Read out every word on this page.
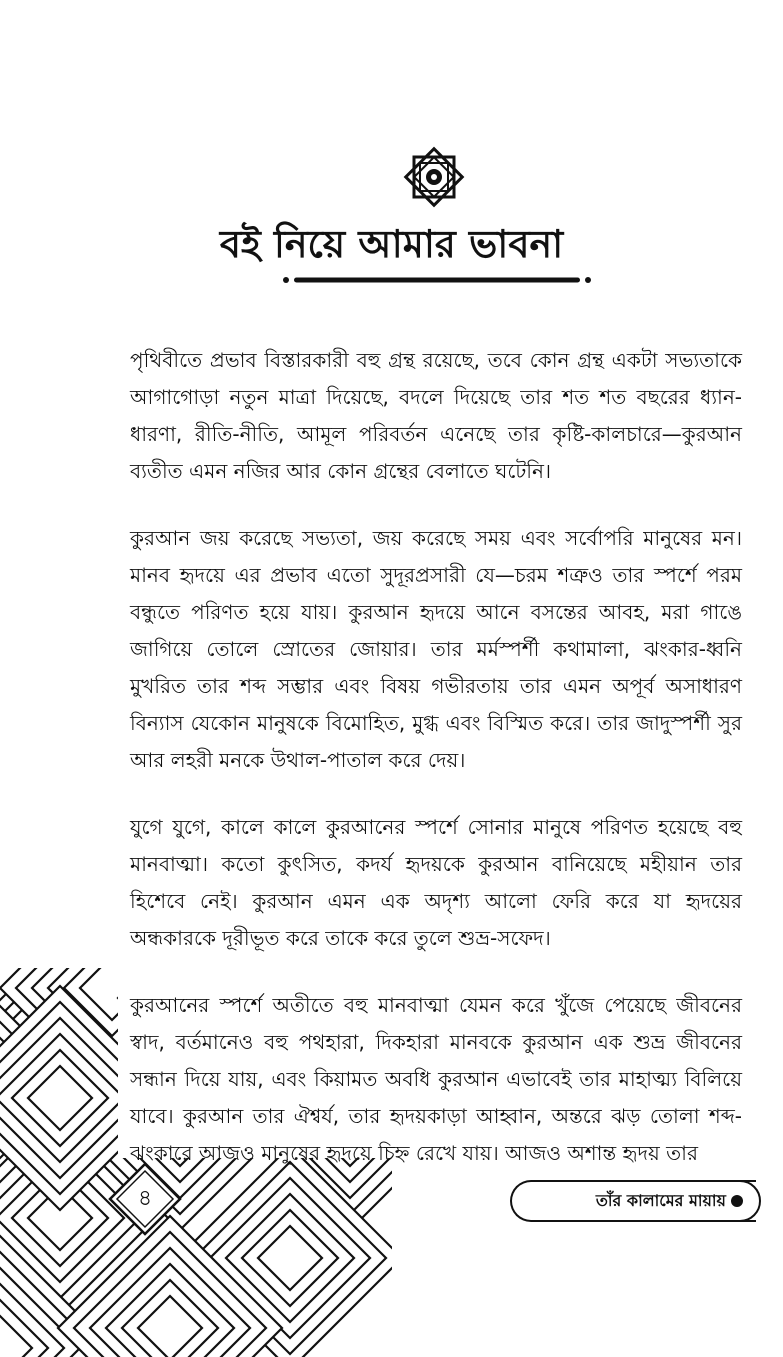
বই নিয়ে আমার ভাবনা

পৃথিবীতে প্রভাব বিস্তারকারী বহু গ্রন্থ রয়েছে, তবে কোন গ্রন্থ একটা সভ্যতাকে আগাগোড়া নতুন মাত্রা দিয়েছে, বদলে দিয়েছে তার শত শত বছরের ধ্যান-ধারণা, রীতি-নীতি, আমূল পরিবর্তন এনেছে তার কৃষ্টি-কালচারে—কুরআন ব্যতীত এমন নজির আর কোন গ্রন্থের বেলাতে ঘটেনি।

কুরআন জয় করেছে সভ্যতা, জয় করেছে সময় এবং সর্বোপরি মানুষের মন। মানব হৃদয়ে এর প্রভাব এতো সুদূরপ্রসারী যে—চরম শত্রুও তার স্পর্শে পরম বন্ধুতে পরিণত হয়ে যায়। কুরআন হৃদয়ে আনে বসন্তের আবহ, মরা গাঙে জাগিয়ে তোলে স্রোতের জোয়ার। তার মর্মস্পর্শী কথামালা, ঝংকার-ধ্বনি মুখরিত তার শব্দ সম্ভার এবং বিষয় গভীরতায় তার এমন অপূর্ব অসাধারণ বিন্যাস যেকোন মানুষকে বিমোহিত, মুগ্ধ এবং বিস্মিত করে। তার জাদুস্পর্শী সুর আর লহরী মনকে উথাল-পাতাল করে দেয়।

যুগে যুগে, কালে কালে কুরআনের স্পর্শে সোনার মানুষে পরিণত হয়েছে বহু মানবাত্মা। কতো কুৎসিত, কদর্য হৃদয়কে কুরআন বানিয়েছে মহীয়ান তার হিশেবে নেই। কুরআন এমন এক অদৃশ্য আলো ফেরি করে যা হৃদয়ের অন্ধকারকে দূরীভূত করে তাকে করে তুলে শুভ্র-সফেদ।

কুরআনের স্পর্শে অতীতে বহু মানবাত্মা যেমন করে খুঁজে পেয়েছে জীবনের স্বাদ, বর্তমানেও বহু পথহারা, দিকহারা মানবকে কুরআন এক শুভ্র জীবনের সন্ধান দিয়ে যায়, এবং কিয়ামত অবধি কুরআন এভাবেই তার মাহাত্ম্য বিলিয়ে যাবে। কুরআন তার ঐশ্বর্য, তার হৃদয়কাড়া আহ্বান, অন্তরে ঝড় তোলা শব্দ-ঝংকারে আজও মানুষের হৃদয়ে চিহ্ন রেখে যায়। আজও অশান্ত হৃদয় তার

৪	তাঁর কালামের মায়ায়
